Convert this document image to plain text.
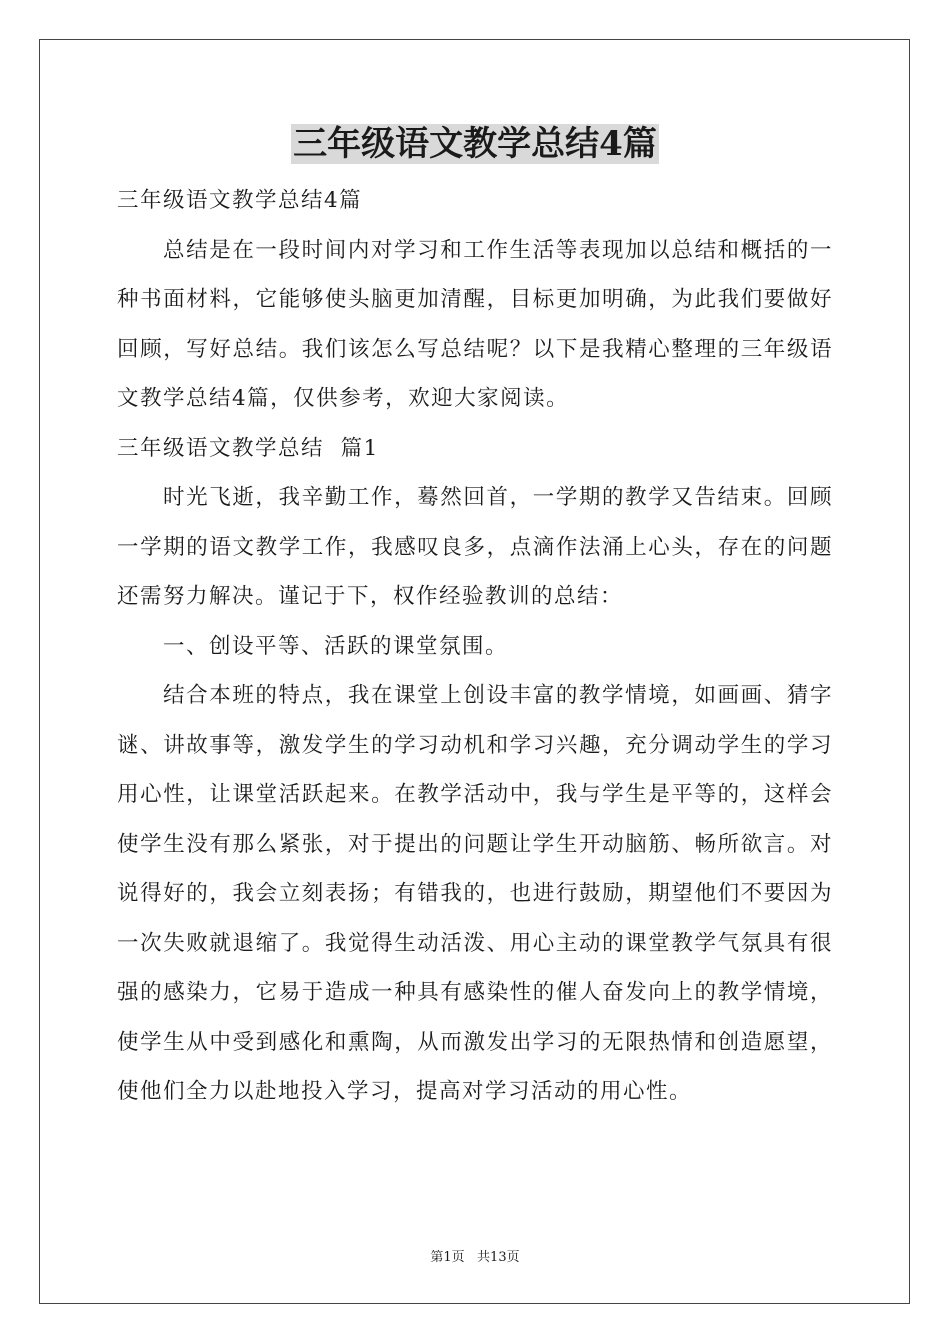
三年级语文教学总结4篇

三年级语文教学总结4篇

总结是在一段时间内对学习和工作生活等表现加以总结和概括的一种书面材料，它能够使头脑更加清醒，目标更加明确，为此我们要做好回顾，写好总结。我们该怎么写总结呢？以下是我精心整理的三年级语文教学总结4篇，仅供参考，欢迎大家阅读。

三年级语文教学总结  篇1

时光飞逝，我辛勤工作，蓦然回首，一学期的教学又告结束。回顾一学期的语文教学工作，我感叹良多，点滴作法涌上心头，存在的问题还需努力解决。谨记于下，权作经验教训的总结：

一、创设平等、活跃的课堂氛围。

结合本班的特点，我在课堂上创设丰富的教学情境，如画画、猜字谜、讲故事等，激发学生的学习动机和学习兴趣，充分调动学生的学习用心性，让课堂活跃起来。在教学活动中，我与学生是平等的，这样会使学生没有那么紧张，对于提出的问题让学生开动脑筋、畅所欲言。对说得好的，我会立刻表扬；有错我的，也进行鼓励，期望他们不要因为一次失败就退缩了。我觉得生动活泼、用心主动的课堂教学气氛具有很强的感染力，它易于造成一种具有感染性的催人奋发向上的教学情境，使学生从中受到感化和熏陶，从而激发出学习的无限热情和创造愿望，使他们全力以赴地投入学习，提高对学习活动的用心性。

第1页   共13页
